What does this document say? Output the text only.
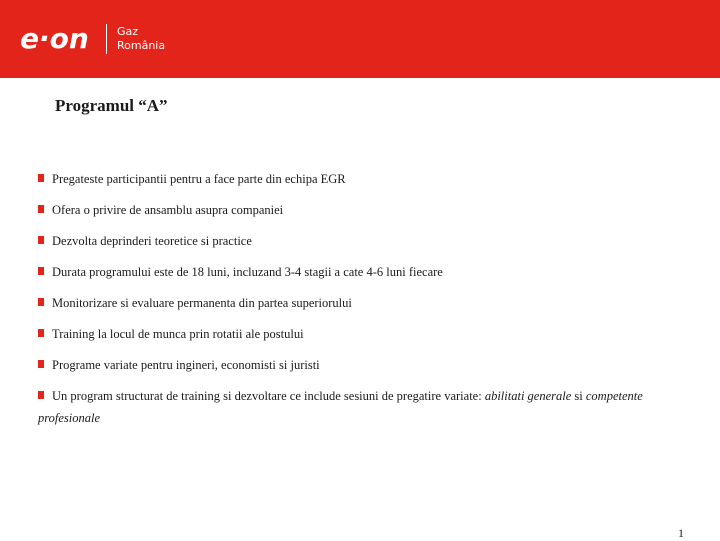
e·on	Gaz
România
Programul “A”
Pregateste participantii pentru a face parte din echipa EGR
Ofera o privire de ansamblu asupra companiei
Dezvolta deprinderi teoretice si practice
Durata programului este de 18 luni, incluzand 3-4 stagii a cate 4-6 luni fiecare
Monitorizare si evaluare permanenta din partea superiorului
Training la locul de munca prin rotatii ale postului
Programe variate pentru ingineri, economisti si juristi
Un program structurat de training si dezvoltare ce include sesiuni de pregatire variate: abilitati generale si competente profesionale
1
